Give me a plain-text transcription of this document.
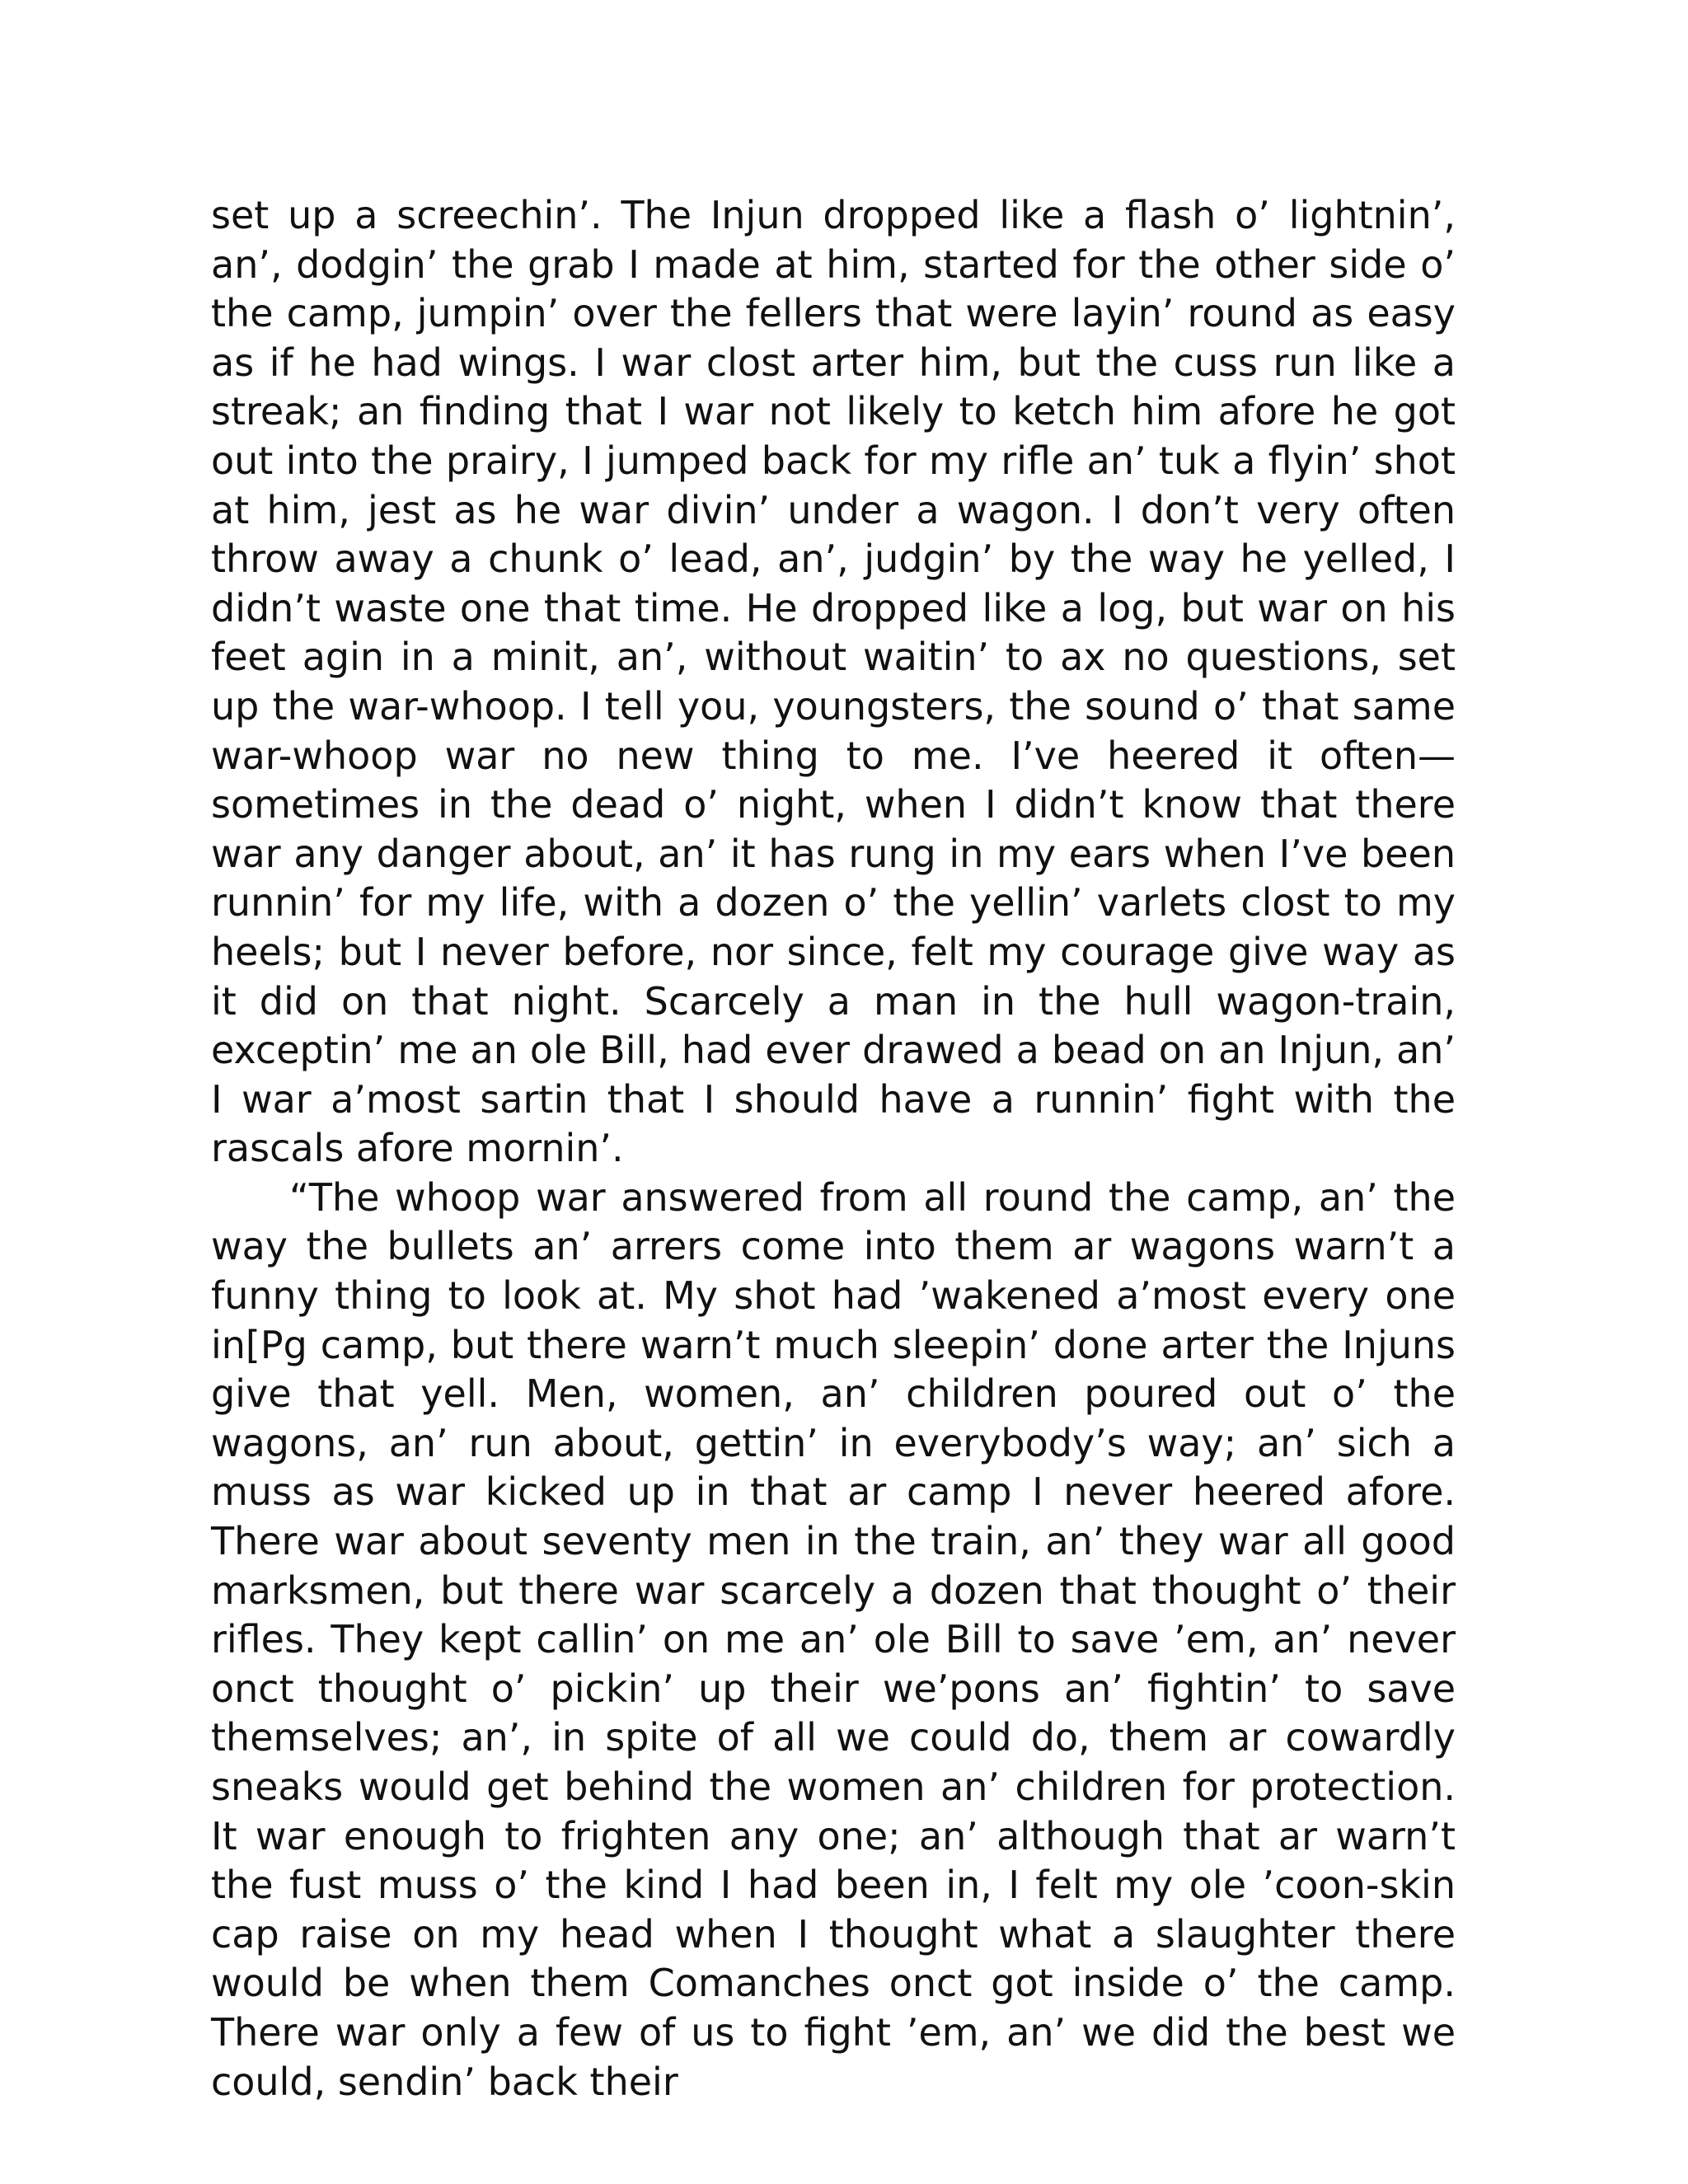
set up a screechin’. The Injun dropped like a flash o’ lightnin’, an’, dodgin’ the grab I made at him, started for the other side o’ the camp, jumpin’ over the fellers that were layin’ round as easy as if he had wings. I war clost arter him, but the cuss run like a streak; an finding that I war not likely to ketch him afore he got out into the prairy, I jumped back for my rifle an’ tuk a flyin’ shot at him, jest as he war divin’ under a wagon. I don’t very often throw away a chunk o’ lead, an’, judgin’ by the way he yelled, I didn’t waste one that time. He dropped like a log, but war on his feet agin in a minit, an’, without waitin’ to ax no questions, set up the war-whoop. I tell you, youngsters, the sound o’ that same war-whoop war no new thing to me. I’ve heered it often—sometimes in the dead o’ night, when I didn’t know that there war any danger about, an’ it has rung in my ears when I’ve been runnin’ for my life, with a dozen o’ the yellin’ varlets clost to my heels; but I never before, nor since, felt my courage give way as it did on that night. Scarcely a man in the hull wagon-train, exceptin’ me an ole Bill, had ever drawed a bead on an Injun, an’ I war a’most sartin that I should have a runnin’ fight with the rascals afore mornin’.

“The whoop war answered from all round the camp, an’ the way the bullets an’ arrers come into them ar wagons warn’t a funny thing to look at. My shot had ’wakened a’most every one in[Pg camp, but there warn’t much sleepin’ done arter the Injuns give that yell. Men, women, an’ children poured out o’ the wagons, an’ run about, gettin’ in everybody’s way; an’ sich a muss as war kicked up in that ar camp I never heered afore. There war about seventy men in the train, an’ they war all good marksmen, but there war scarcely a dozen that thought o’ their rifles. They kept callin’ on me an’ ole Bill to save ’em, an’ never onct thought o’ pickin’ up their we’pons an’ fightin’ to save themselves; an’, in spite of all we could do, them ar cowardly sneaks would get behind the women an’ children for protection. It war enough to frighten any one; an’ although that ar warn’t the fust muss o’ the kind I had been in, I felt my ole ’coon-skin cap raise on my head when I thought what a slaughter there would be when them Comanches onct got inside o’ the camp. There war only a few of us to fight ’em, an’ we did the best we could, sendin’ back their
